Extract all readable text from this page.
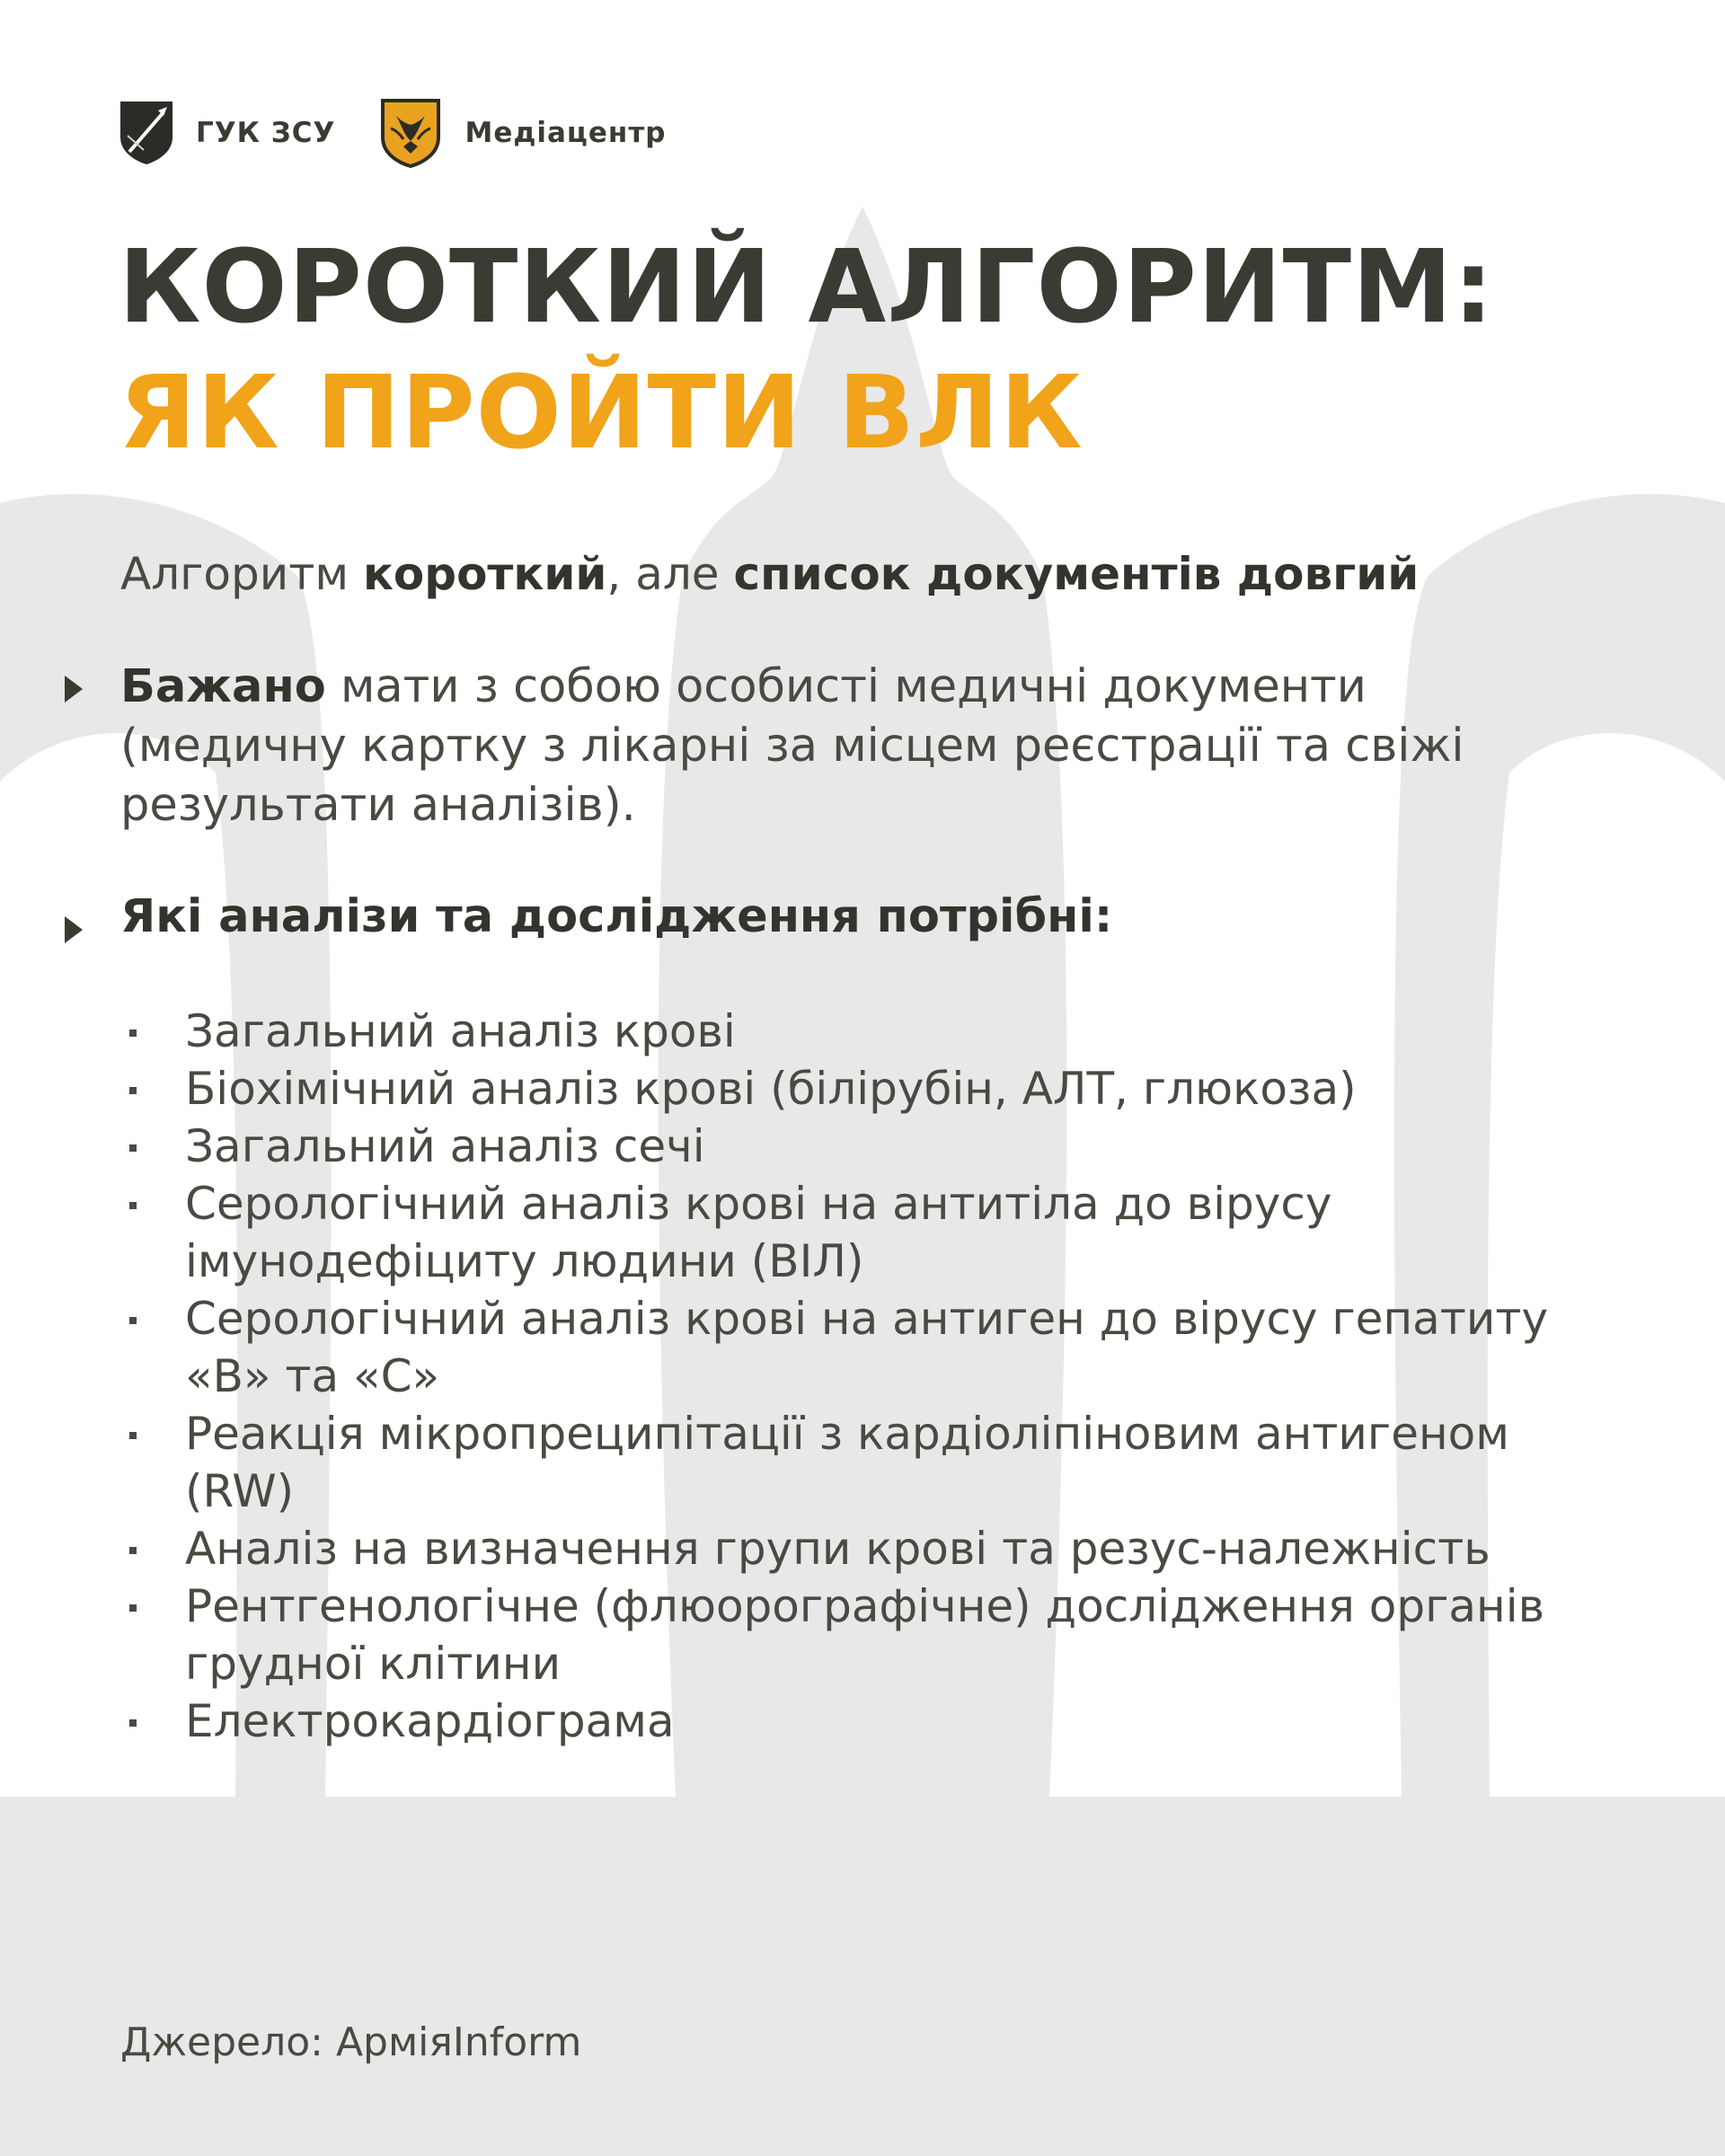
ГУК ЗСУ	Медіацентр
КОРОТКИЙ АЛГОРИТМ:
ЯК ПРОЙТИ ВЛК
Алгоритм короткий, але список документів довгий
Бажано мати з собою особисті медичні документи (медичну картку з лікарні за місцем реєстрації та свіжі результати аналізів).
Які аналізи та дослідження потрібні:
Загальний аналіз крові
Біохімічний аналіз крові (білірубін, АЛТ, глюкоза)
Загальний аналіз сечі
Серологічний аналіз крові на антитіла до вірусу імунодефіциту людини (ВІЛ)
Серологічний аналіз крові на антиген до вірусу гепатиту «В» та «С»
Реакція мікропреципітації з кардіоліпіновим антигеном (RW)
Аналіз на визначення групи крові та резус-належність
Рентгенологічне (флюорографічне) дослідження органів грудної клітини
Електрокардіограма
Джерело: АрміяInform
